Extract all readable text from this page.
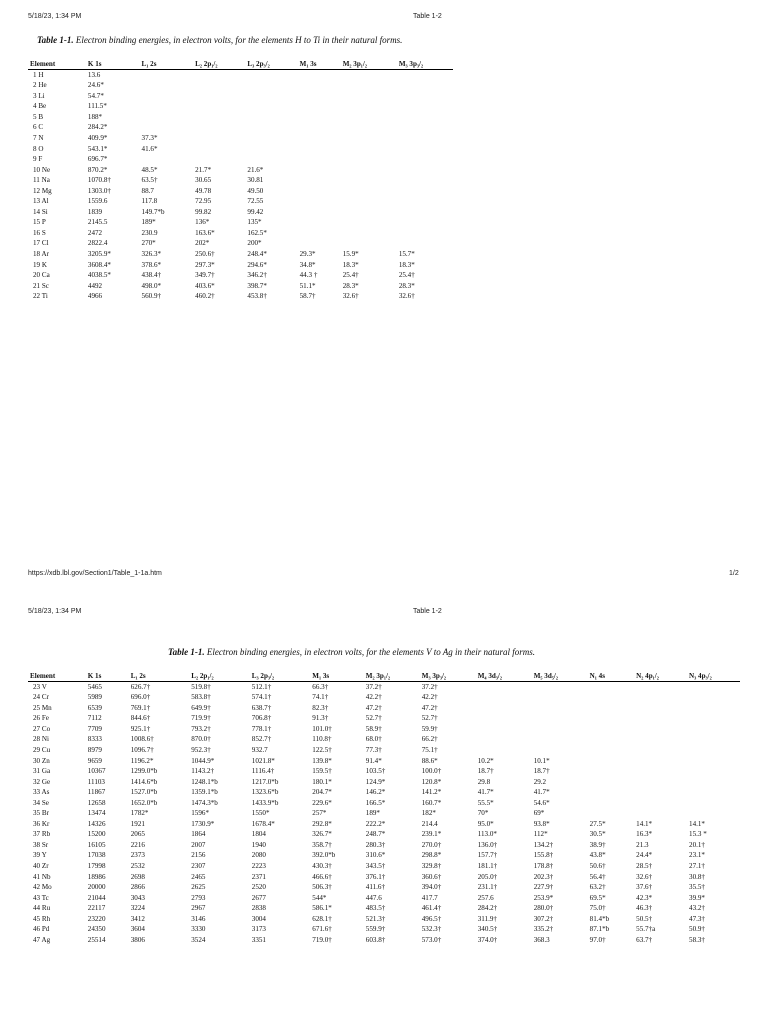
5/18/23, 1:34 PM	Table 1-2
Table 1-1. Electron binding energies, in electron volts, for the elements H to Ti in their natural forms.
Element	K 1s	L₁ 2s	L₂ 2p₁/₂	L₃ 2p₃/₂	M₁ 3s	M₂ 3p₁/₂	M₃ 3p₃/₂
1 H	13.6						
2 He	24.6*						
3 Li	54.7*						
4 Be	111.5*						
5 B	188*						
6 C	284.2*						
7 N	409.9*	37.3*					
8 O	543.1*	41.6*					
9 F	696.7*						
10 Ne	870.2*	48.5*	21.7*	21.6*			
11 Na	1070.8†	63.5†	30.65	30.81			
12 Mg	1303.0†	88.7	49.78	49.50			
13 Al	1559.6	117.8	72.95	72.55			
14 Si	1839	149.7*b	99.82	99.42			
15 P	2145.5	189*	136*	135*			
16 S	2472	230.9	163.6*	162.5*			
17 Cl	2822.4	270*	202*	200*			
18 Ar	3205.9*	326.3*	250.6†	248.4*	29.3*	15.9*	15.7*
19 K	3608.4*	378.6*	297.3*	294.6*	34.8*	18.3*	18.3*
20 Ca	4038.5*	438.4†	349.7†	346.2†	44.3 †	25.4†	25.4†
21 Sc	4492	498.0*	403.6*	398.7*	51.1*	28.3*	28.3*
22 Ti	4966	560.9†	460.2†	453.8†	58.7†	32.6†	32.6†
https://xdb.lbl.gov/Section1/Table_1-1a.htm	1/2
5/18/23, 1:34 PM	Table 1-2
Table 1-1. Electron binding energies, in electron volts, for the elements V to Ag in their natural forms.
Element	K 1s	L₁ 2s	L₂ 2p₁/₂	L₃ 2p₃/₂	M₁ 3s	M₂ 3p₁/₂	M₃ 3p₃/₂	M₄ 3d₃/₂	M₅ 3d₅/₂	N₁ 4s	N₂ 4p₁/₂	N₃ 4p₃/₂
23 V	5465	626.7†	519.8†	512.1†	66.3†	37.2†	37.2†					
24 Cr	5989	696.0†	583.8†	574.1†	74.1†	42.2†	42.2†					
25 Mn	6539	769.1†	649.9†	638.7†	82.3†	47.2†	47.2†					
26 Fe	7112	844.6†	719.9†	706.8†	91.3†	52.7†	52.7†					
27 Co	7709	925.1†	793.2†	778.1†	101.0†	58.9†	59.9†					
28 Ni	8333	1008.6†	870.0†	852.7†	110.8†	68.0†	66.2†					
29 Cu	8979	1096.7†	952.3†	932.7	122.5†	77.3†	75.1†					
30 Zn	9659	1196.2*	1044.9*	1021.8*	139.8*	91.4*	88.6*	10.2*	10.1*			
31 Ga	10367	1299.0*b	1143.2†	1116.4†	159.5†	103.5†	100.0†	18.7†	18.7†			
32 Ge	11103	1414.6*b	1248.1*b	1217.0*b	180.1*	124.9*	120.8*	29.8	29.2			
33 As	11867	1527.0*b	1359.1*b	1323.6*b	204.7*	146.2*	141.2*	41.7*	41.7*			
34 Se	12658	1652.0*b	1474.3*b	1433.9*b	229.6*	166.5*	160.7*	55.5*	54.6*			
35 Br	13474	1782*	1596*	1550*	257*	189*	182*	70*	69*			
36 Kr	14326	1921	1730.9*	1678.4*	292.8*	222.2*	214.4	95.0*	93.8*	27.5*	14.1*	14.1*
37 Rb	15200	2065	1864	1804	326.7*	248.7*	239.1*	113.0*	112*	30.5*	16.3*	15.3 *
38 Sr	16105	2216	2007	1940	358.7†	280.3†	270.0†	136.0†	134.2†	38.9†	21.3	20.1†
39 Y	17038	2373	2156	2080	392.0*b	310.6*	298.8*	157.7†	155.8†	43.8*	24.4*	23.1*
40 Zr	17998	2532	2307	2223	430.3†	343.5†	329.8†	181.1†	178.8†	50.6†	28.5†	27.1†
41 Nb	18986	2698	2465	2371	466.6†	376.1†	360.6†	205.0†	202.3†	56.4†	32.6†	30.8†
42 Mo	20000	2866	2625	2520	506.3†	411.6†	394.0†	231.1†	227.9†	63.2†	37.6†	35.5†
43 Tc	21044	3043	2793	2677	544*	447.6	417.7	257.6	253.9*	69.5*	42.3*	39.9*
44 Ru	22117	3224	2967	2838	586.1*	483.5†	461.4†	284.2†	280.0†	75.0†	46.3†	43.2†
45 Rh	23220	3412	3146	3004	628.1†	521.3†	496.5†	311.9†	307.2†	81.4*b	50.5†	47.3†
46 Pd	24350	3604	3330	3173	671.6†	559.9†	532.3†	340.5†	335.2†	87.1*b	55.7†a	50.9†
47 Ag	25514	3806	3524	3351	719.0†	603.8†	573.0†	374.0†	368.3	97.0†	63.7†	58.3†
